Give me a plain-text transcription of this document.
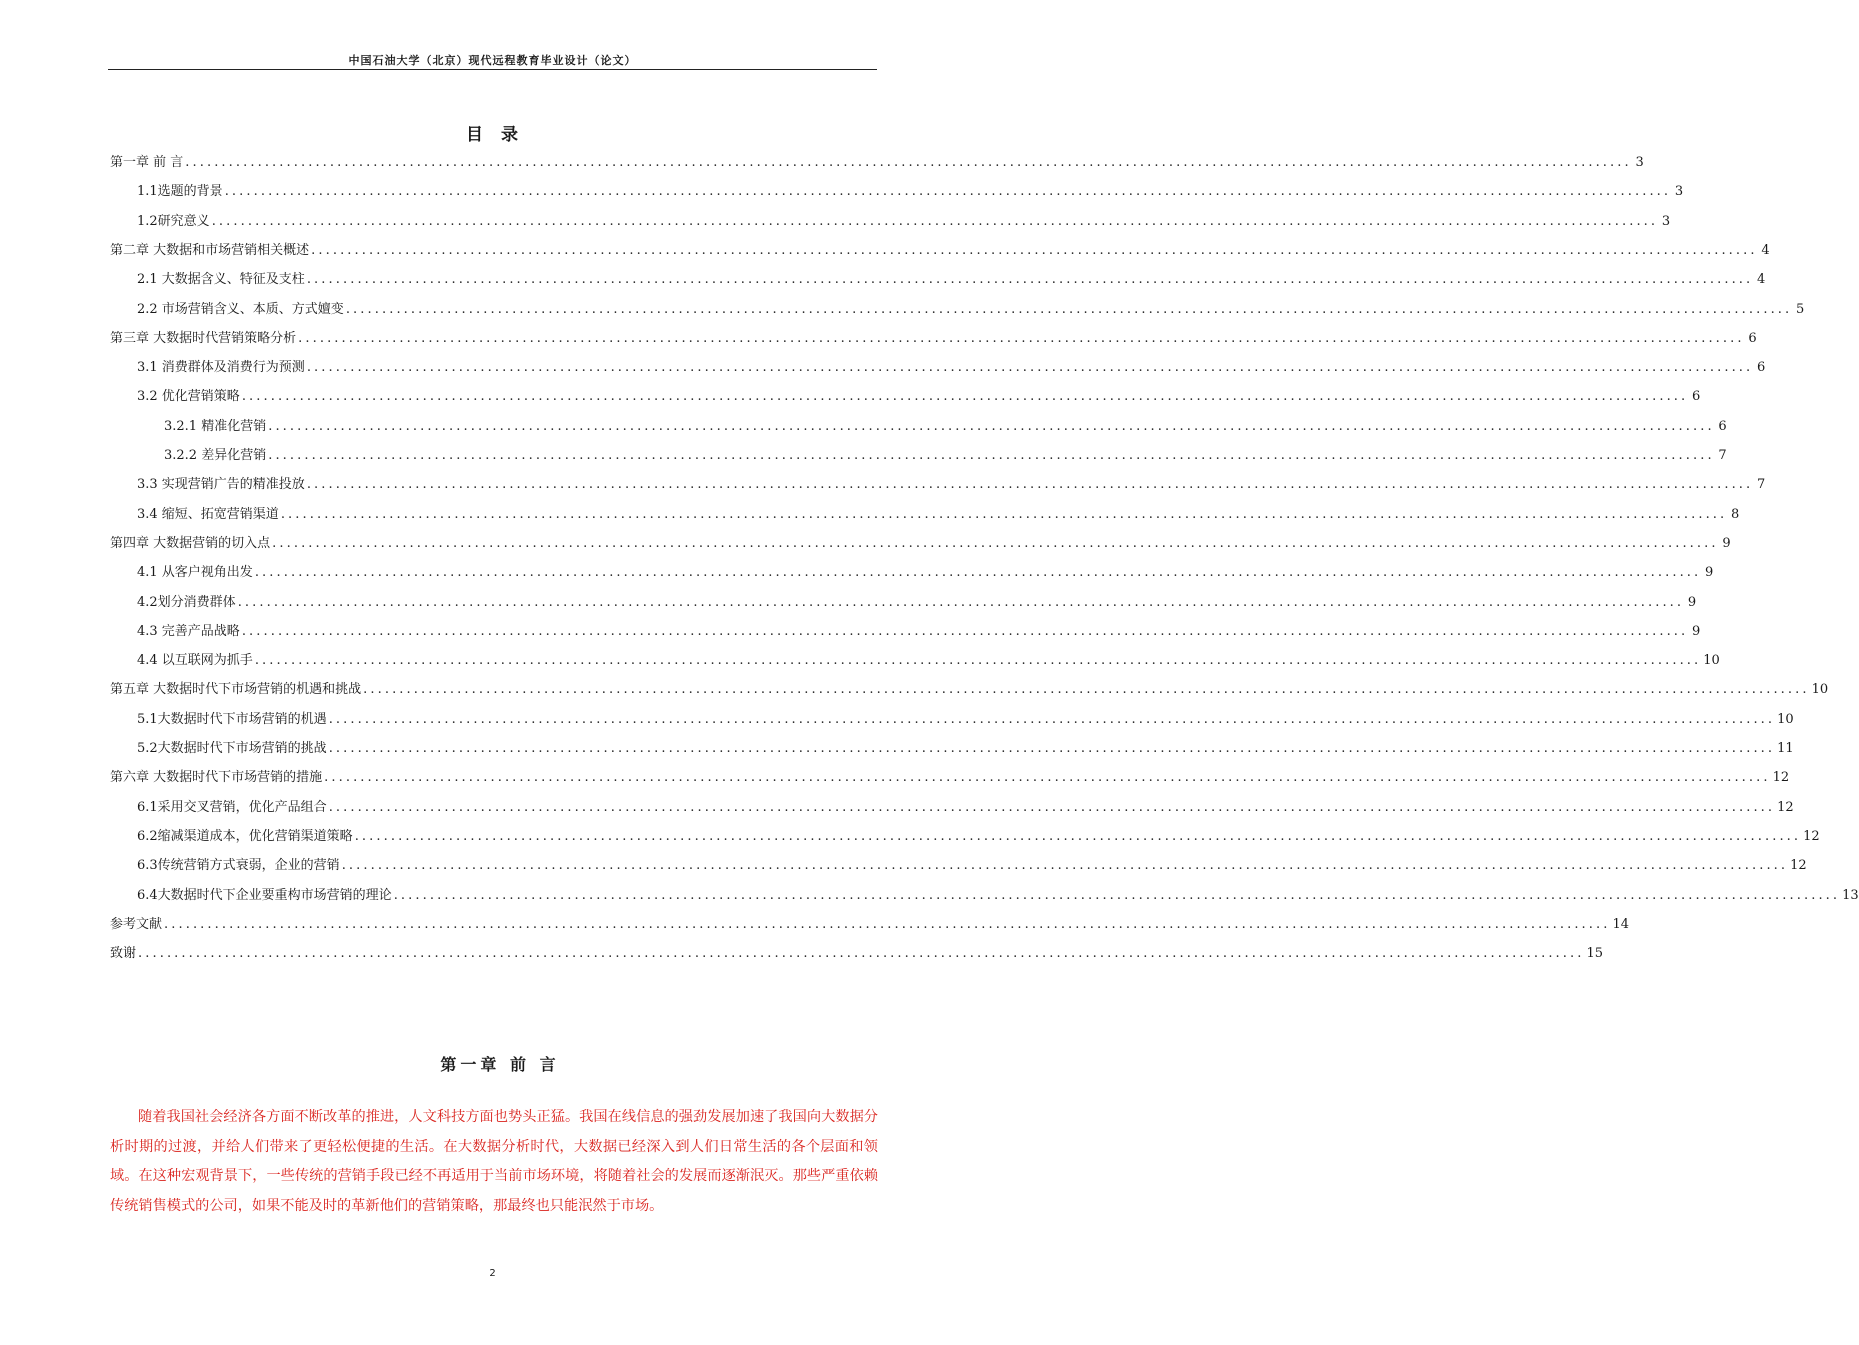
中国石油大学（北京）现代远程教育毕业设计（论文）
目 录
第一章 前 言 ........................................................................................................................................................................................................ 3
1.1选题的背景 ........................................................................................................................................................................................................ 3
1.2研究意义 ........................................................................................................................................................................................................ 3
第二章 大数据和市场营销相关概述 ........................................................................................................................................................................................................ 4
2.1 大数据含义、特征及支柱 ........................................................................................................................................................................................................ 4
2.2 市场营销含义、本质、方式嬗变 ........................................................................................................................................................................................................ 5
第三章 大数据时代营销策略分析 ........................................................................................................................................................................................................ 6
3.1 消费群体及消费行为预测 ........................................................................................................................................................................................................ 6
3.2 优化营销策略 ........................................................................................................................................................................................................ 6
3.2.1 精准化营销 ........................................................................................................................................................................................................ 6
3.2.2 差异化营销 ........................................................................................................................................................................................................ 7
3.3 实现营销广告的精准投放 ........................................................................................................................................................................................................ 7
3.4 缩短、拓宽营销渠道 ........................................................................................................................................................................................................ 8
第四章 大数据营销的切入点 ........................................................................................................................................................................................................ 9
4.1 从客户视角出发 ........................................................................................................................................................................................................ 9
4.2划分消费群体 ........................................................................................................................................................................................................ 9
4.3 完善产品战略 ........................................................................................................................................................................................................ 9
4.4 以互联网为抓手 ........................................................................................................................................................................................................ 10
第五章 大数据时代下市场营销的机遇和挑战 ........................................................................................................................................................................................................ 10
5.1大数据时代下市场营销的机遇 ........................................................................................................................................................................................................ 10
5.2大数据时代下市场营销的挑战 ........................................................................................................................................................................................................ 11
第六章 大数据时代下市场营销的措施 ........................................................................................................................................................................................................ 12
6.1采用交叉营销，优化产品组合 ........................................................................................................................................................................................................ 12
6.2缩减渠道成本，优化营销渠道策略 ........................................................................................................................................................................................................ 12
6.3传统营销方式衰弱，企业的营销 ........................................................................................................................................................................................................ 12
6.4大数据时代下企业要重构市场营销的理论 ........................................................................................................................................................................................................ 13
参考文献 ........................................................................................................................................................................................................ 14
致谢 ........................................................................................................................................................................................................ 15
第一章 前 言
随着我国社会经济各方面不断改革的推进，人文科技方面也势头正猛。我国在线信息的强劲发展加速了我国向大数据分析时期的过渡，并给人们带来了更轻松便捷的生活。在大数据分析时代，大数据已经深入到人们日常生活的各个层面和领域。在这种宏观背景下，一些传统的营销手段已经不再适用于当前市场环境，将随着社会的发展而逐渐泯灭。那些严重依赖传统销售模式的公司，如果不能及时的革新他们的营销策略，那最终也只能泯然于市场。
2
